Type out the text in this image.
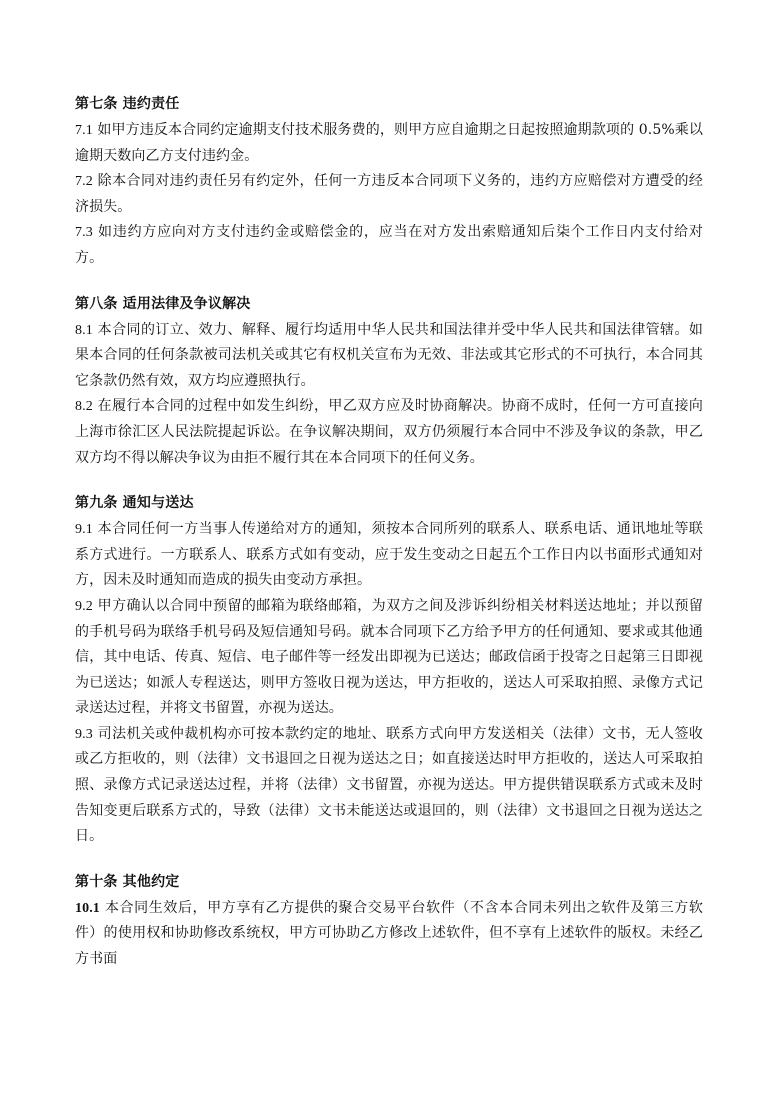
第七条 违约责任

7.1 如甲方违反本合同约定逾期支付技术服务费的，则甲方应自逾期之日起按照逾期款项的 0.5%乘以逾期天数向乙方支付违约金。

7.2 除本合同对违约责任另有约定外，任何一方违反本合同项下义务的，违约方应赔偿对方遭受的经济损失。

7.3 如违约方应向对方支付违约金或赔偿金的，应当在对方发出索赔通知后柒个工作日内支付给对方。

第八条 适用法律及争议解决

8.1 本合同的订立、效力、解释、履行均适用中华人民共和国法律并受中华人民共和国法律管辖。如果本合同的任何条款被司法机关或其它有权机关宣布为无效、非法或其它形式的不可执行，本合同其它条款仍然有效，双方均应遵照执行。

8.2 在履行本合同的过程中如发生纠纷，甲乙双方应及时协商解决。协商不成时，任何一方可直接向上海市徐汇区人民法院提起诉讼。在争议解决期间，双方仍须履行本合同中不涉及争议的条款，甲乙双方均不得以解决争议为由拒不履行其在本合同项下的任何义务。

第九条 通知与送达

9.1 本合同任何一方当事人传递给对方的通知，须按本合同所列的联系人、联系电话、通讯地址等联系方式进行。一方联系人、联系方式如有变动，应于发生变动之日起五个工作日内以书面形式通知对方，因未及时通知而造成的损失由变动方承担。

9.2 甲方确认以合同中预留的邮箱为联络邮箱，为双方之间及涉诉纠纷相关材料送达地址；并以预留的手机号码为联络手机号码及短信通知号码。就本合同项下乙方给予甲方的任何通知、要求或其他通信，其中电话、传真、短信、电子邮件等一经发出即视为已送达；邮政信函于投寄之日起第三日即视为已送达；如派人专程送达，则甲方签收日视为送达，甲方拒收的，送达人可采取拍照、录像方式记录送达过程，并将文书留置，亦视为送达。

9.3 司法机关或仲裁机构亦可按本款约定的地址、联系方式向甲方发送相关（法律）文书，无人签收或乙方拒收的，则（法律）文书退回之日视为送达之日；如直接送达时甲方拒收的，送达人可采取拍照、录像方式记录送达过程，并将（法律）文书留置，亦视为送达。甲方提供错误联系方式或未及时告知变更后联系方式的，导致（法律）文书未能送达或退回的，则（法律）文书退回之日视为送达之日。

第十条 其他约定

10.1 本合同生效后，甲方享有乙方提供的聚合交易平台软件（不含本合同未列出之软件及第三方软件）的使用权和协助修改系统权，甲方可协助乙方修改上述软件，但不享有上述软件的版权。未经乙方书面
